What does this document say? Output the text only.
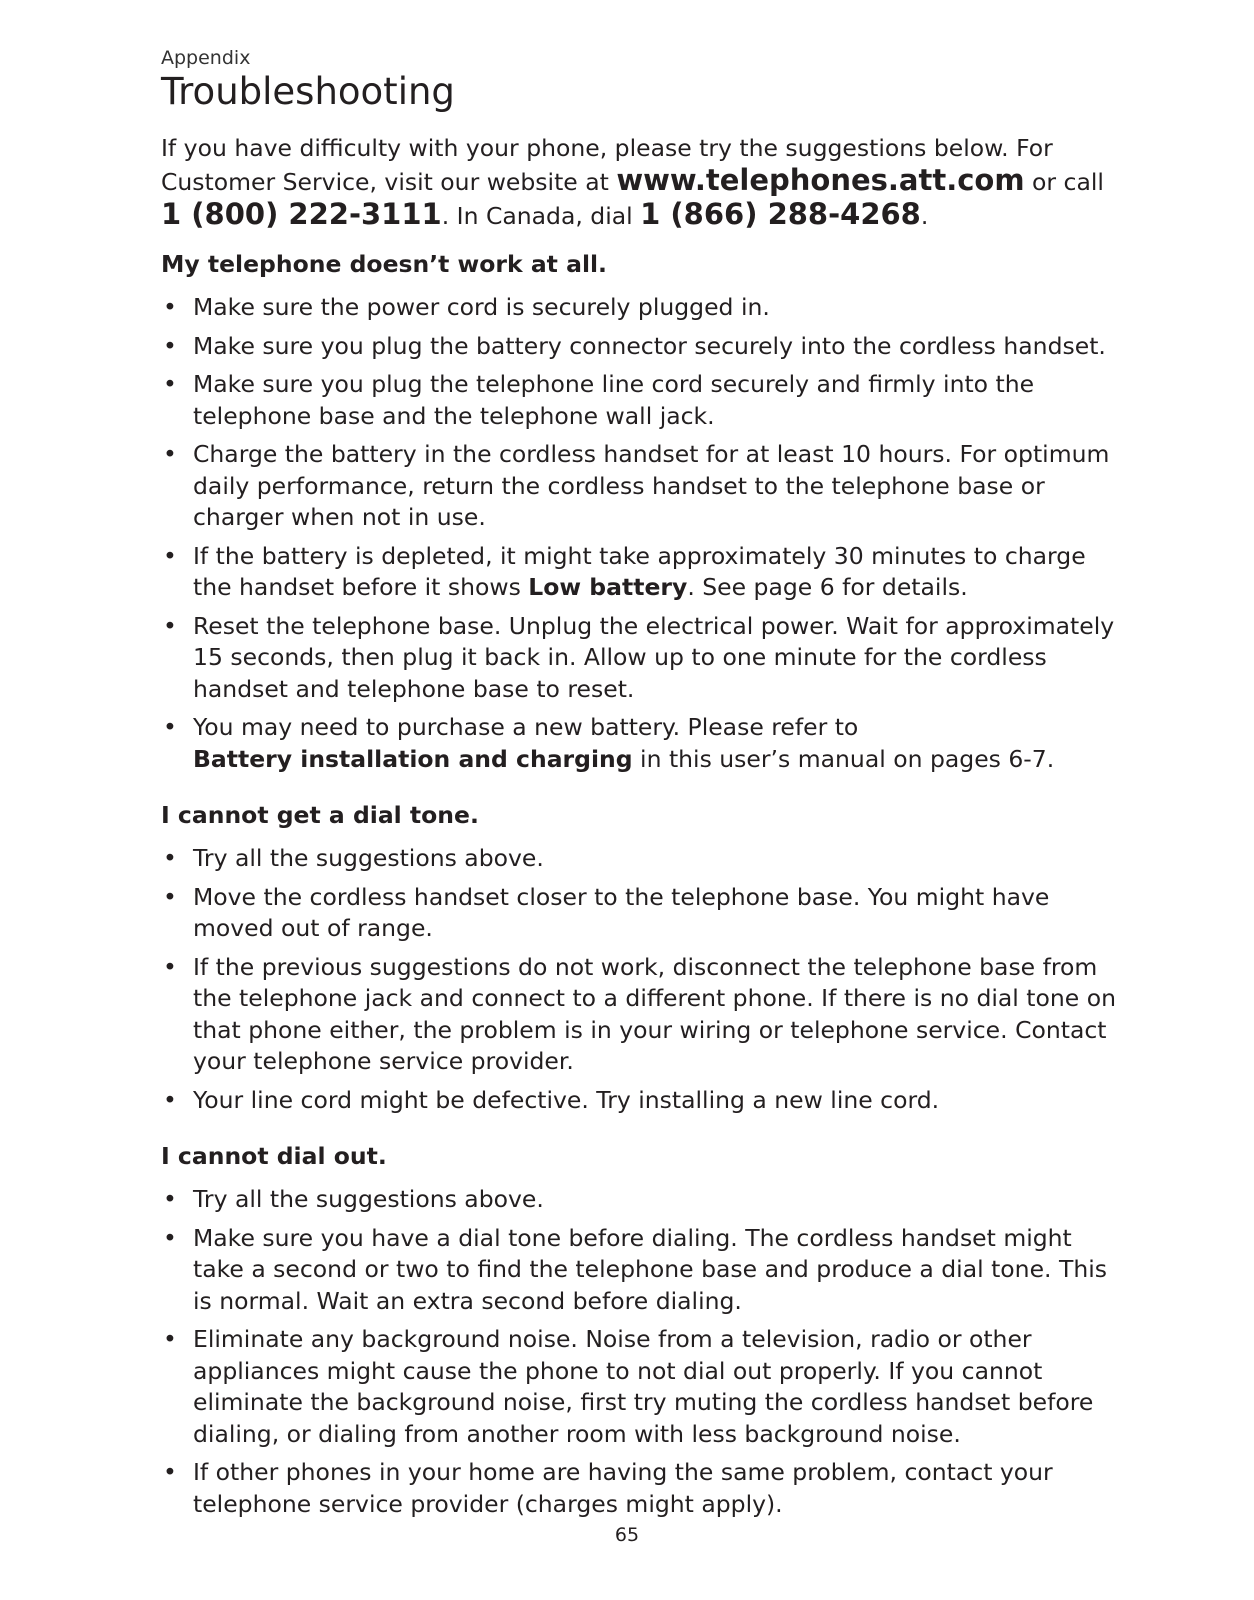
Appendix

Troubleshooting

If you have difficulty with your phone, please try the suggestions below. For Customer Service, visit our website at www.telephones.att.com or call
1 (800) 222-3111. In Canada, dial 1 (866) 288-4268.

My telephone doesn’t work at all.
• Make sure the power cord is securely plugged in.
• Make sure you plug the battery connector securely into the cordless handset.
• Make sure you plug the telephone line cord securely and firmly into the telephone base and the telephone wall jack.
• Charge the battery in the cordless handset for at least 10 hours. For optimum daily performance, return the cordless handset to the telephone base or charger when not in use.
• If the battery is depleted, it might take approximately 30 minutes to charge the handset before it shows Low battery. See page 6 for details.
• Reset the telephone base. Unplug the electrical power. Wait for approximately 15 seconds, then plug it back in. Allow up to one minute for the cordless handset and telephone base to reset.
• You may need to purchase a new battery. Please refer to
Battery installation and charging in this user’s manual on pages 6-7.
I cannot get a dial tone.
• Try all the suggestions above.
• Move the cordless handset closer to the telephone base. You might have moved out of range.
• If the previous suggestions do not work, disconnect the telephone base from the telephone jack and connect to a different phone. If there is no dial tone on that phone either, the problem is in your wiring or telephone service. Contact your telephone service provider.
• Your line cord might be defective. Try installing a new line cord.
I cannot dial out.
• Try all the suggestions above.
• Make sure you have a dial tone before dialing. The cordless handset might take a second or two to find the telephone base and produce a dial tone. This is normal. Wait an extra second before dialing.
• Eliminate any background noise. Noise from a television, radio or other appliances might cause the phone to not dial out properly. If you cannot eliminate the background noise, first try muting the cordless handset before dialing, or dialing from another room with less background noise.
• If other phones in your home are having the same problem, contact your telephone service provider (charges might apply).
65
